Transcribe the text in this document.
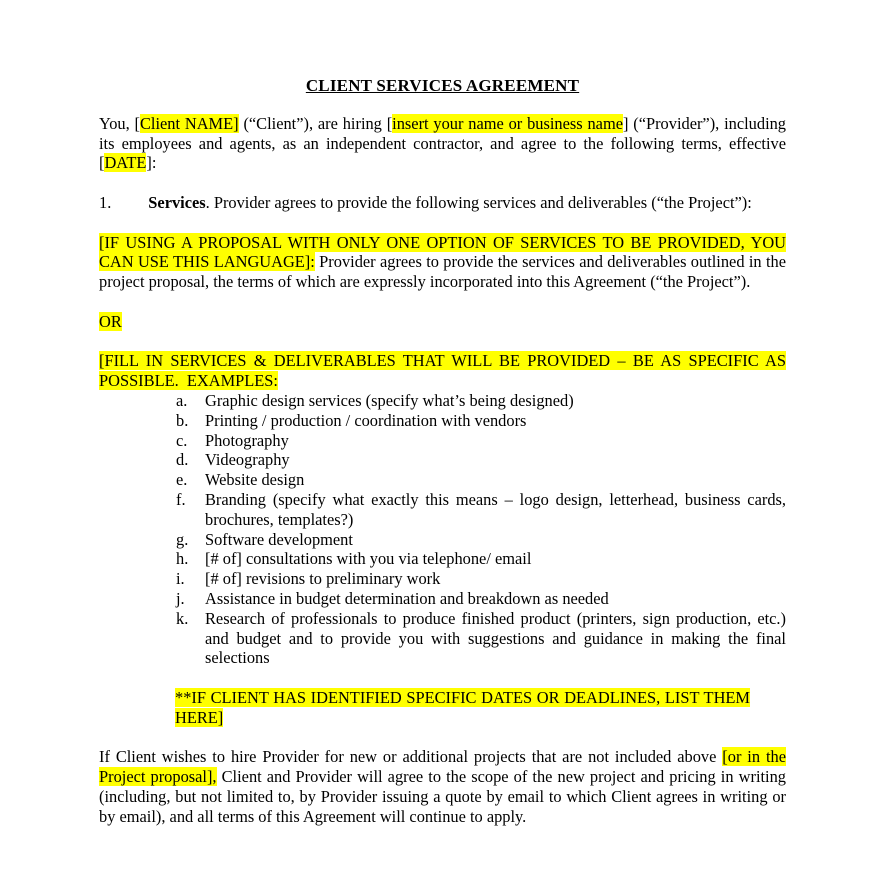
CLIENT SERVICES AGREEMENT

You, [Client NAME] (“Client”), are hiring [insert your name or business name] (“Provider”), including its employees and agents, as an independent contractor, and agree to the following terms, effective [DATE]:

1. Services. Provider agrees to provide the following services and deliverables (“the Project”):

[IF USING A PROPOSAL WITH ONLY ONE OPTION OF SERVICES TO BE PROVIDED, YOU CAN USE THIS LANGUAGE]: Provider agrees to provide the services and deliverables outlined in the project proposal, the terms of which are expressly incorporated into this Agreement (“the Project”).

OR

[FILL IN SERVICES & DELIVERABLES THAT WILL BE PROVIDED – BE AS SPECIFIC AS POSSIBLE.  EXAMPLES:

a.	Graphic design services (specify what’s being designed)
b.	Printing / production / coordination with vendors
c.	Photography
d.	Videography
e.	Website design
f.	Branding (specify what exactly this means – logo design, letterhead, business cards, brochures, templates?)
g.	Software development
h.	[# of] consultations with you via telephone/ email
i.	[# of] revisions to preliminary work
j.	Assistance in budget determination and breakdown as needed
k.	Research of professionals to produce finished product (printers, sign production, etc.) and budget and to provide you with suggestions and guidance in making the final selections

**IF CLIENT HAS IDENTIFIED SPECIFIC DATES OR DEADLINES, LIST THEM HERE]

If Client wishes to hire Provider for new or additional projects that are not included above [or in the Project proposal], Client and Provider will agree to the scope of the new project and pricing in writing (including, but not limited to, by Provider issuing a quote by email to which Client agrees in writing or by email), and all terms of this Agreement will continue to apply.
